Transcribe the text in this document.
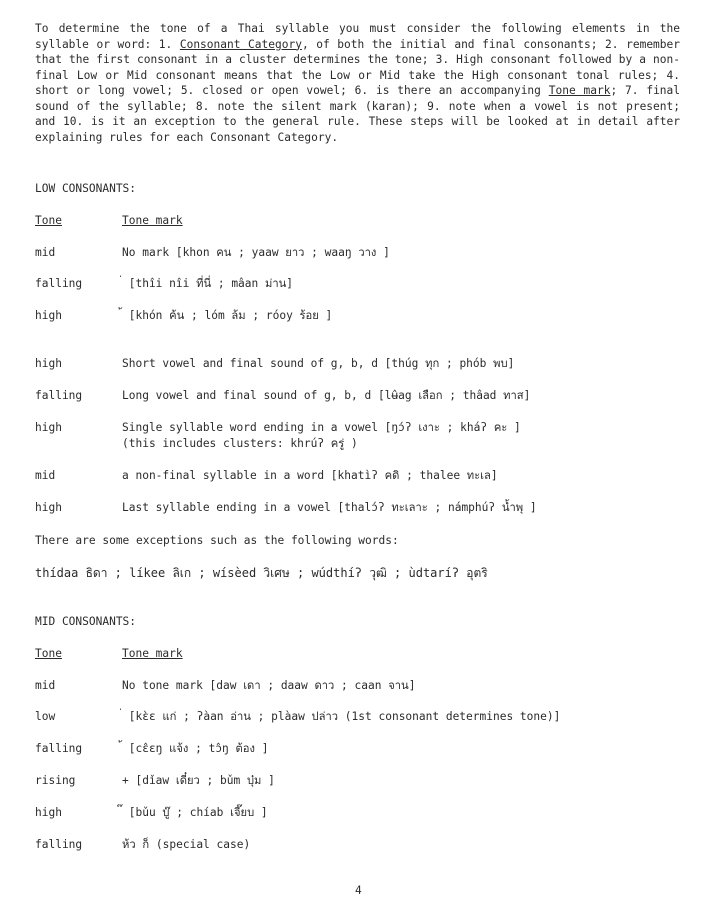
To determine the tone of a Thai syllable you must consider the following elements in the syllable or word: 1. Consonant Category, of both the initial and final consonants; 2. remember that the first consonant in a cluster determines the tone; 3. High consonant followed by a non-final Low or Mid consonant means that the Low or Mid take the High consonant tonal rules; 4. short or long vowel; 5. closed or open vowel; 6. is there an accompanying Tone mark; 7. final sound of the syllable; 8. note the silent mark (karan); 9. note when a vowel is not present; and 10. is it an exception to the general rule. These steps will be looked at in detail after explaining rules for each Consonant Category.

LOW CONSONANTS:

Tone	Tone mark
mid	No mark [khon คน ; yaaw ยาว ; waaŋ วาง ]
falling	่ [thîi nîi ที่นี่ ; mâan ม่าน]
high	้ [khón ค้น ; lóm ล้ม ; róoy ร้อย ]
high	Short vowel and final sound of g, b, d [thúg ทุก ; phób พบ]
falling	Long vowel and final sound of g, b, d [lʉ̂ag เลือก ; thâad ทาส]
high	Single syllable word ending in a vowel [ŋɔ́ʔ เงาะ ; kháʔ คะ ]
(this includes clusters: khrúʔ ครู่ )
mid	a non-final syllable in a word [khatìʔ คดิ ; thalee ทะเล]
high	Last syllable ending in a vowel [thalɔ́ʔ ทะเลาะ ; námphúʔ น้ำพุ ]

There are some exceptions such as the following words:

thídaa ธิดา ; líkee ลิเก ; wísèed วิเศษ ; wúdthíʔ วุฒิ ; ùdtaríʔ อุตริ

MID CONSONANTS:

Tone	Tone mark
mid	No tone mark [daw เดา ; daaw ดาว ; caan จาน]
low	่ [kɛ̀ɛ แก่ ; ʔàan อ่าน ; plàaw ปล่าว (1st consonant determines tone)]
falling	้ [cɛ̂ɛŋ แจ้ง ; tɔ̂ŋ ต้อง ]
rising	+ [dǐaw เดี๋ยว ; bǔm บุ๋ม ]
high	๊ [bǔu บู๊ ; chíab เจี๊ยบ ]
falling	ห้ว ก็ (special case)

4
